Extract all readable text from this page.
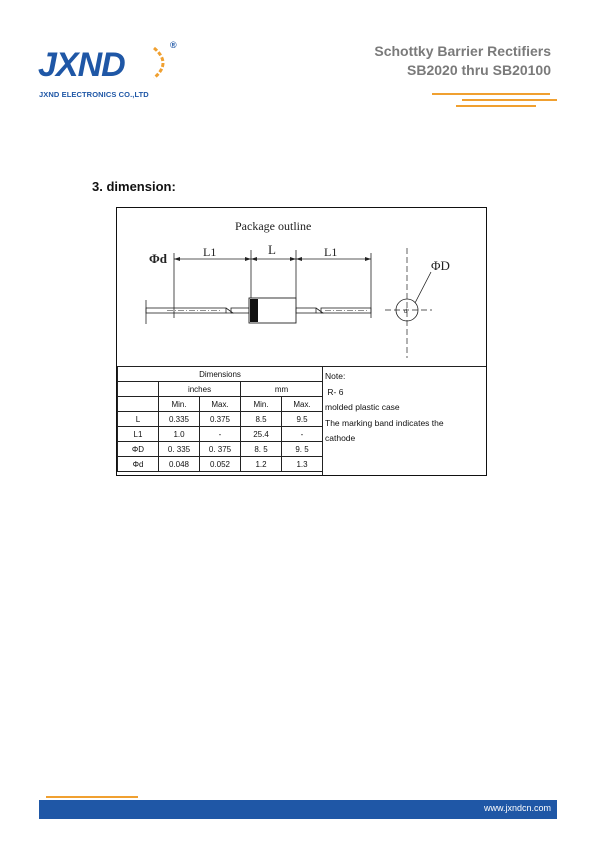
JXND
®
JXND ELECTRONICS CO.,LTD
Schottky Barrier Rectifiers
SB2020 thru SB20100
3. dimension:
Package outline
Φd	L1	L	L1
d
ΦD
Dimensions				
	inches		mm	
	Min.	Max.	Min.	Max.
L	0.335	0.375	8.5	9.5
L1	1.0	-	25.4	-
ΦD	0. 335	0. 375	8. 5	9. 5
Φd	0.048	0.052	1.2	1.3
Note:
R- 6
molded plastic case
The marking band indicates the
cathode
www.jxndcn.com
